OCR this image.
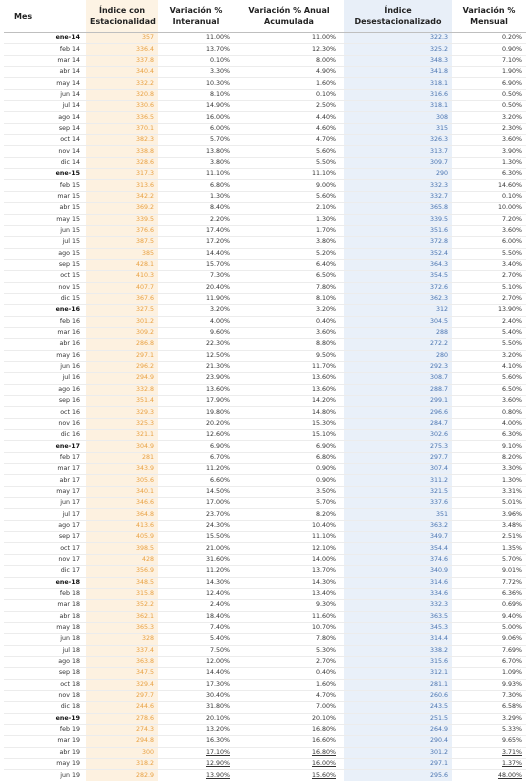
Mes	Índice con Estacionalidad	Variación % Interanual	Variación % Anual Acumulada	Índice Desestacionalizado	Variación % Mensual
ene-14	357	11.00%	11.00%	322.3	0.20%
feb 14	336.4	13.70%	12.30%	325.2	0.90%
mar 14	337.8	0.10%	8.00%	348.3	7.10%
abr 14	340.4	3.30%	4.90%	341.8	1.90%
may 14	332.2	10.30%	1.60%	318.1	6.90%
jun 14	320.8	8.10%	0.10%	316.6	0.50%
jul 14	330.6	14.90%	2.50%	318.1	0.50%
ago 14	336.5	16.00%	4.40%	308	3.20%
sep 14	370.1	6.00%	4.60%	315	2.30%
oct 14	382.3	5.70%	4.70%	326.3	3.60%
nov 14	338.8	13.80%	5.60%	313.7	3.90%
dic 14	328.6	3.80%	5.50%	309.7	1.30%
ene-15	317.3	11.10%	11.10%	290	6.30%
feb 15	313.6	6.80%	9.00%	332.3	14.60%
mar 15	342.2	1.30%	5.60%	332.7	0.10%
abr 15	369.2	8.40%	2.10%	365.8	10.00%
may 15	339.5	2.20%	1.30%	339.5	7.20%
jun 15	376.6	17.40%	1.70%	351.6	3.60%
jul 15	387.5	17.20%	3.80%	372.8	6.00%
ago 15	385	14.40%	5.20%	352.4	5.50%
sep 15	428.1	15.70%	6.40%	364.3	3.40%
oct 15	410.3	7.30%	6.50%	354.5	2.70%
nov 15	407.7	20.40%	7.80%	372.6	5.10%
dic 15	367.6	11.90%	8.10%	362.3	2.70%
ene-16	327.5	3.20%	3.20%	312	13.90%
feb 16	301.2	4.00%	0.40%	304.5	2.40%
mar 16	309.2	9.60%	3.60%	288	5.40%
abr 16	286.8	22.30%	8.80%	272.2	5.50%
may 16	297.1	12.50%	9.50%	280	3.20%
jun 16	296.2	21.30%	11.70%	292.3	4.10%
jul 16	294.9	23.90%	13.60%	308.7	5.60%
ago 16	332.8	13.60%	13.60%	288.7	6.50%
sep 16	351.4	17.90%	14.20%	299.1	3.60%
oct 16	329.3	19.80%	14.80%	296.6	0.80%
nov 16	325.3	20.20%	15.30%	284.7	4.00%
dic 16	321.1	12.60%	15.10%	302.6	6.30%
ene-17	304.9	6.90%	6.90%	275.3	9.10%
feb 17	281	6.70%	6.80%	297.7	8.20%
mar 17	343.9	11.20%	0.90%	307.4	3.30%
abr 17	305.6	6.60%	0.90%	311.2	1.30%
may 17	340.1	14.50%	3.50%	321.5	3.31%
jun 17	346.6	17.00%	5.70%	337.6	5.01%
jul 17	364.8	23.70%	8.20%	351	3.96%
ago 17	413.6	24.30%	10.40%	363.2	3.48%
sep 17	405.9	15.50%	11.10%	349.7	2.51%
oct 17	398.5	21.00%	12.10%	354.4	1.35%
nov 17	428	31.60%	14.00%	374.6	5.70%
dic 17	356.9	11.20%	13.70%	340.9	9.01%
ene-18	348.5	14.30%	14.30%	314.6	7.72%
feb 18	315.8	12.40%	13.40%	334.6	6.36%
mar 18	352.2	2.40%	9.30%	332.3	0.69%
abr 18	362.1	18.40%	11.60%	363.5	9.40%
may 18	365.3	7.40%	10.70%	345.3	5.00%
jun 18	328	5.40%	7.80%	314.4	9.06%
jul 18	337.4	7.50%	5.30%	338.2	7.69%
ago 18	363.8	12.00%	2.70%	315.6	6.70%
sep 18	347.5	14.40%	0.40%	312.1	1.09%
oct 18	329.4	17.30%	1.60%	281.1	9.93%
nov 18	297.7	30.40%	4.70%	260.6	7.30%
dic 18	244.6	31.80%	7.00%	243.5	6.58%
ene-19	278.6	20.10%	20.10%	251.5	3.29%
feb 19	274.3	13.20%	16.80%	264.9	5.33%
mar 19	294.8	16.30%	16.60%	290.4	9.65%
abr 19	300	17.10%	16.80%	301.2	3.71%
may 19	318.2	12.90%	16.00%	297.1	1.37%
jun 19	282.9	13.90%	15.60%	295.6	48.00%
